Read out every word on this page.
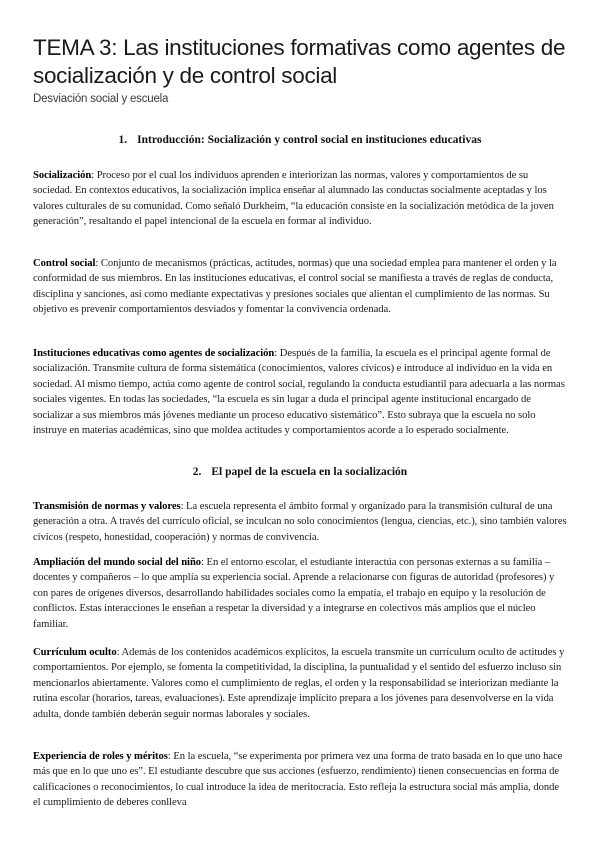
TEMA 3: Las instituciones formativas como agentes de socialización y de control social
Desviación social y escuela
1. Introducción: Socialización y control social en instituciones educativas

Socialización: Proceso por el cual los individuos aprenden e interiorizan las normas, valores y comportamientos de su sociedad. En contextos educativos, la socialización implica enseñar al alumnado las conductas socialmente aceptadas y los valores culturales de su comunidad. Como señaló Durkheim, “la educación consiste en la socialización metódica de la joven generación”, resaltando el papel intencional de la escuela en formar al individuo.

Control social: Conjunto de mecanismos (prácticas, actitudes, normas) que una sociedad emplea para mantener el orden y la conformidad de sus miembros. En las instituciones educativas, el control social se manifiesta a través de reglas de conducta, disciplina y sanciones, así como mediante expectativas y presiones sociales que alientan el cumplimiento de las normas. Su objetivo es prevenir comportamientos desviados y fomentar la convivencia ordenada.

Instituciones educativas como agentes de socialización: Después de la familia, la escuela es el principal agente formal de socialización. Transmite cultura de forma sistemática (conocimientos, valores cívicos) e introduce al individuo en la vida en sociedad. Al mismo tiempo, actúa como agente de control social, regulando la conducta estudiantil para adecuarla a las normas sociales vigentes. En todas las sociedades, “la escuela es sin lugar a duda el principal agente institucional encargado de socializar a sus miembros más jóvenes mediante un proceso educativo sistemático”. Esto subraya que la escuela no solo instruye en materias académicas, sino que moldea actitudes y comportamientos acorde a lo esperado socialmente.

2. El papel de la escuela en la socialización

Transmisión de normas y valores: La escuela representa el ámbito formal y organizado para la transmisión cultural de una generación a otra. A través del currículo oficial, se inculcan no solo conocimientos (lengua, ciencias, etc.), sino también valores cívicos (respeto, honestidad, cooperación) y normas de convivencia.

Ampliación del mundo social del niño: En el entorno escolar, el estudiante interactúa con personas externas a su familia – docentes y compañeros – lo que amplía su experiencia social. Aprende a relacionarse con figuras de autoridad (profesores) y con pares de orígenes diversos, desarrollando habilidades sociales como la empatía, el trabajo en equipo y la resolución de conflictos. Estas interacciones le enseñan a respetar la diversidad y a integrarse en colectivos más amplios que el núcleo familiar.

Currículum oculto: Además de los contenidos académicos explícitos, la escuela transmite un currículum oculto de actitudes y comportamientos. Por ejemplo, se fomenta la competitividad, la disciplina, la puntualidad y el sentido del esfuerzo incluso sin mencionarlos abiertamente. Valores como el cumplimiento de reglas, el orden y la responsabilidad se interiorizan mediante la rutina escolar (horarios, tareas, evaluaciones). Este aprendizaje implícito prepara a los jóvenes para desenvolverse en la vida adulta, donde también deberán seguir normas laborales y sociales.

Experiencia de roles y méritos: En la escuela, “se experimenta por primera vez una forma de trato basada en lo que uno hace más que en lo que uno es”. El estudiante descubre que sus acciones (esfuerzo, rendimiento) tienen consecuencias en forma de calificaciones o reconocimientos, lo cual introduce la idea de meritocracia. Esto refleja la estructura social más amplia, donde el cumplimiento de deberes conlleva
